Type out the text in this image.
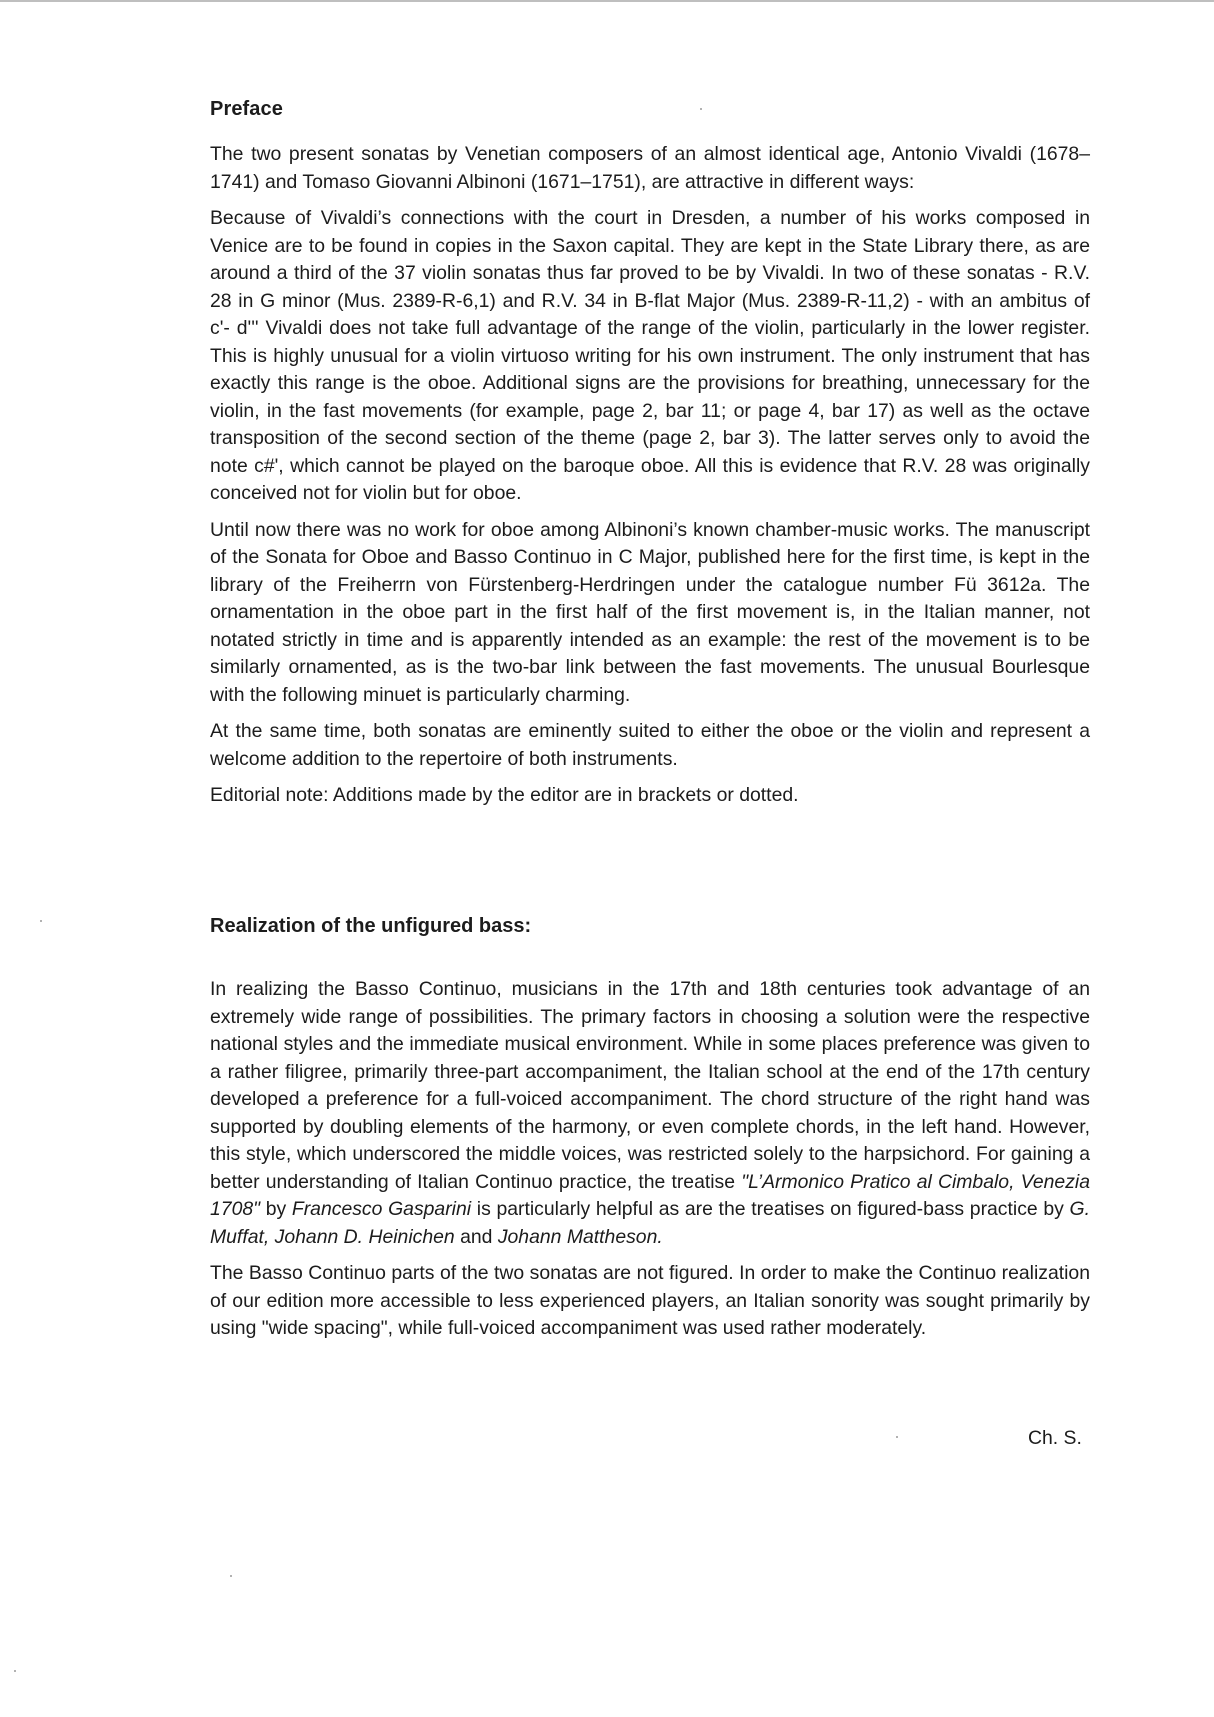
Preface

The two present sonatas by Venetian composers of an almost identical age, Antonio Vivaldi (1678–1741) and Tomaso Giovanni Albinoni (1671–1751), are attractive in different ways:

Because of Vivaldi’s connections with the court in Dresden, a number of his works composed in Venice are to be found in copies in the Saxon capital. They are kept in the State Library there, as are around a third of the 37 violin sonatas thus far proved to be by Vivaldi. In two of these sonatas - R.V. 28 in G minor (Mus. 2389-R-6,1) and R.V. 34 in B-flat Major (Mus. 2389-R-11,2) - with an ambitus of c'- d''' Vivaldi does not take full advantage of the range of the violin, particularly in the lower register. This is highly unusual for a violin virtuoso writing for his own instrument. The only instrument that has exactly this range is the oboe. Additional signs are the provisions for breathing, unnecessary for the violin, in the fast movements (for example, page 2, bar 11; or page 4, bar 17) as well as the octave transposition of the second section of the theme (page 2, bar 3). The latter serves only to avoid the note c#', which cannot be played on the baroque oboe. All this is evidence that R.V. 28 was originally conceived not for violin but for oboe.

Until now there was no work for oboe among Albinoni’s known chamber-music works. The manuscript of the Sonata for Oboe and Basso Continuo in C Major, published here for the first time, is kept in the library of the Freiherrn von Fürstenberg-Herdringen under the catalogue number Fü 3612a. The ornamentation in the oboe part in the first half of the first movement is, in the Italian manner, not notated strictly in time and is apparently intended as an example: the rest of the movement is to be similarly ornamented, as is the two-bar link between the fast movements. The unusual Bourlesque with the following minuet is particularly charming.

At the same time, both sonatas are eminently suited to either the oboe or the violin and represent a welcome addition to the repertoire of both instruments.

Editorial note: Additions made by the editor are in brackets or dotted.

Realization of the unfigured bass:

In realizing the Basso Continuo, musicians in the 17th and 18th centuries took advantage of an extremely wide range of possibilities. The primary factors in choosing a solution were the respective national styles and the immediate musical environment. While in some places preference was given to a rather filigree, primarily three-part accompaniment, the Italian school at the end of the 17th century developed a preference for a full-voiced accompaniment. The chord structure of the right hand was supported by doubling elements of the harmony, or even complete chords, in the left hand. However, this style, which underscored the middle voices, was restricted solely to the harpsichord. For gaining a better understanding of Italian Continuo practice, the treatise "L’Armonico Pratico al Cimbalo, Venezia 1708" by Francesco Gasparini is particularly helpful as are the treatises on figured-bass practice by G. Muffat, Johann D. Heinichen and Johann Mattheson.

The Basso Continuo parts of the two sonatas are not figured. In order to make the Continuo realization of our edition more accessible to less experienced players, an Italian sonority was sought primarily by using "wide spacing", while full-voiced accompaniment was used rather moderately.

Ch. S.
